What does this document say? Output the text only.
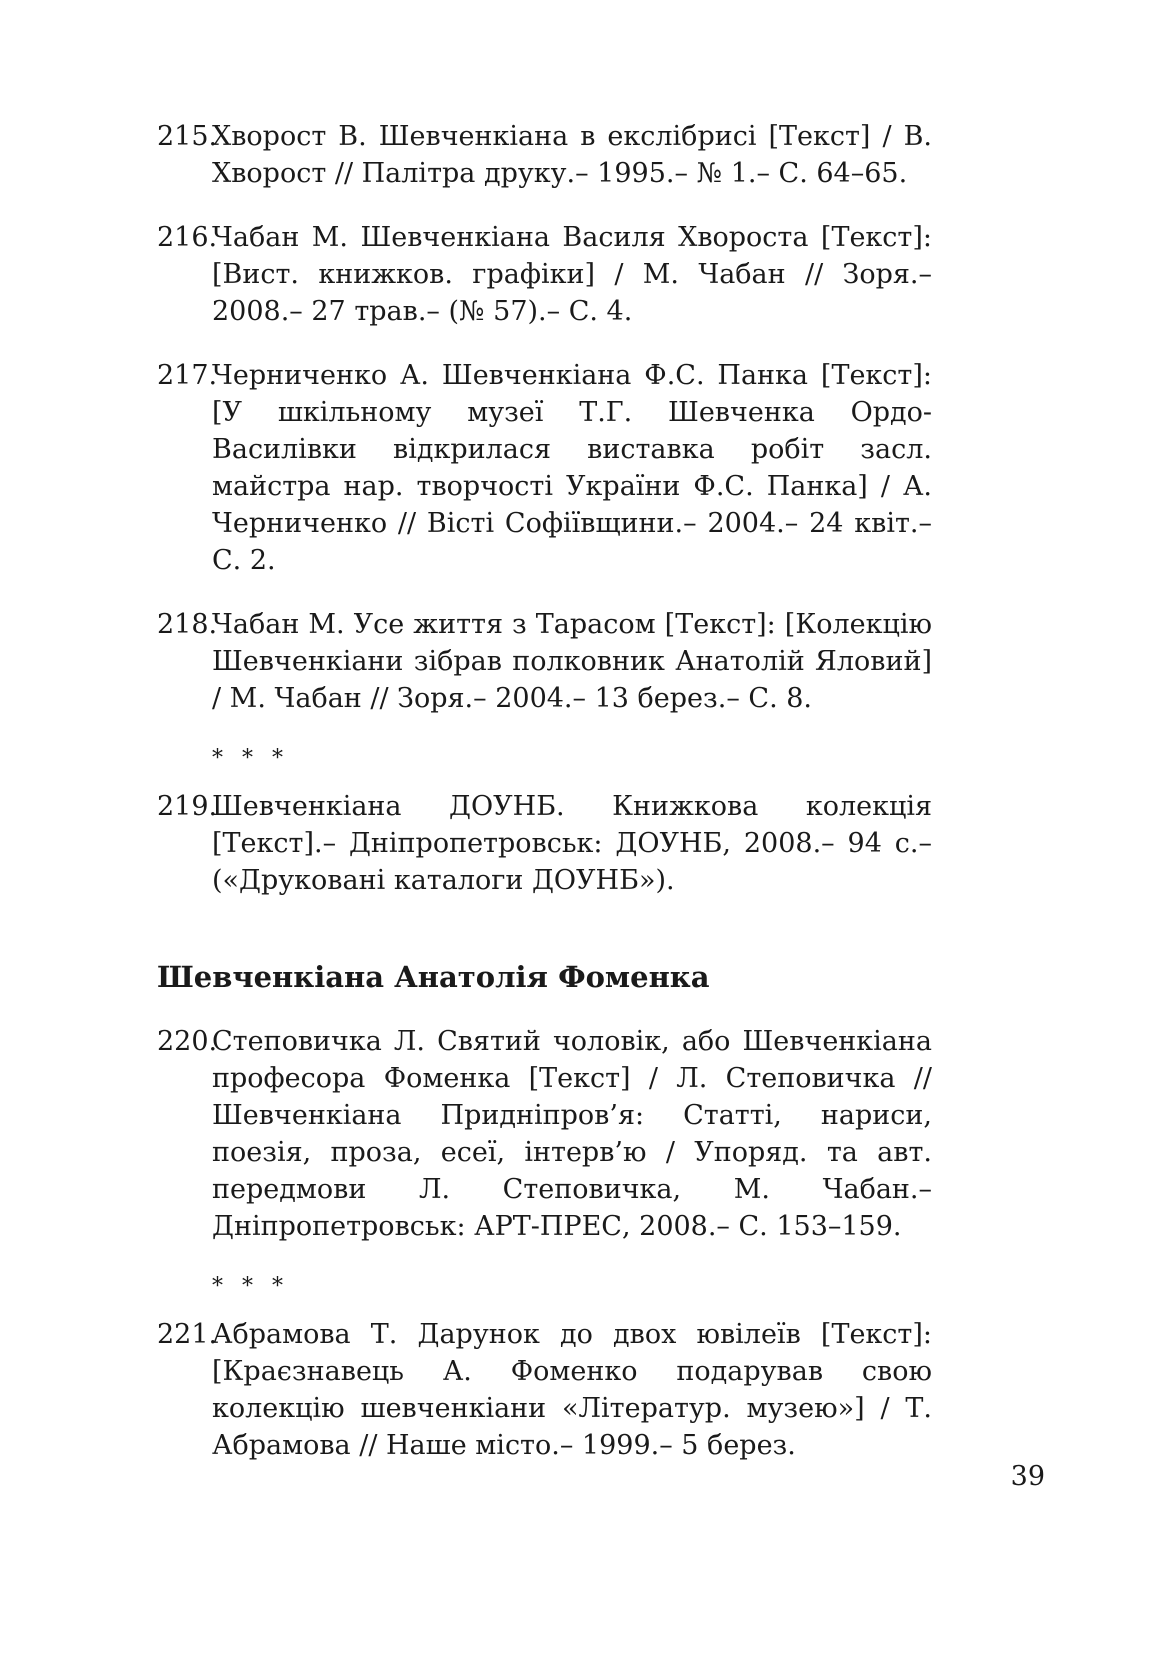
215.
Хворост В. Шевченкіана в екслібрисі [Текст] / В. Хворост // Палітра друку.– 1995.– № 1.– С. 64–65.
216.
Чабан М. Шевченкіана Василя Хвороста [Текст]: [Вист. книжков. графіки] / М. Чабан // Зоря.– 2008.– 27 трав.– (№ 57).– С. 4.
217.
Черниченко А. Шевченкіана Ф.С. Панка [Текст]: [У шкільному музеї Т.Г. Шевченка Ордо-Василівки відкрилася виставка робіт засл. майстра нар. творчості України Ф.С. Панка] / А. Черниченко // Вісті Софіївщини.– 2004.– 24 квіт.– С. 2.
218.
Чабан М. Усе життя з Тарасом [Текст]: [Колекцію Шевченкіани зібрав полковник Анатолій Яловий] / М. Чабан // Зоря.– 2004.– 13 берез.– С. 8.
* * *
219.
Шевченкіана ДОУНБ. Книжкова колекція [Текст].– Дніпропетровськ: ДОУНБ, 2008.– 94 с.– («Друковані каталоги ДОУНБ»).
Шевченкіана Анатолія Фоменка
220.
Степовичка Л. Святий чоловік, або Шевченкіана професора Фоменка [Текст] / Л. Степовичка // Шевченкіана Придніпров’я: Статті, нариси, поезія, проза, есеї, інтерв’ю / Упоряд. та авт. передмови Л. Степовичка, М. Чабан.– Дніпропетровськ: АРТ-ПРЕС, 2008.– С. 153–159.
* * *
221.
Абрамова Т. Дарунок до двох ювілеїв [Текст]: [Краєзнавець А. Фоменко подарував свою колекцію шевченкіани «Літератур. музею»] / Т. Абрамова // Наше місто.– 1999.– 5 берез.
39
